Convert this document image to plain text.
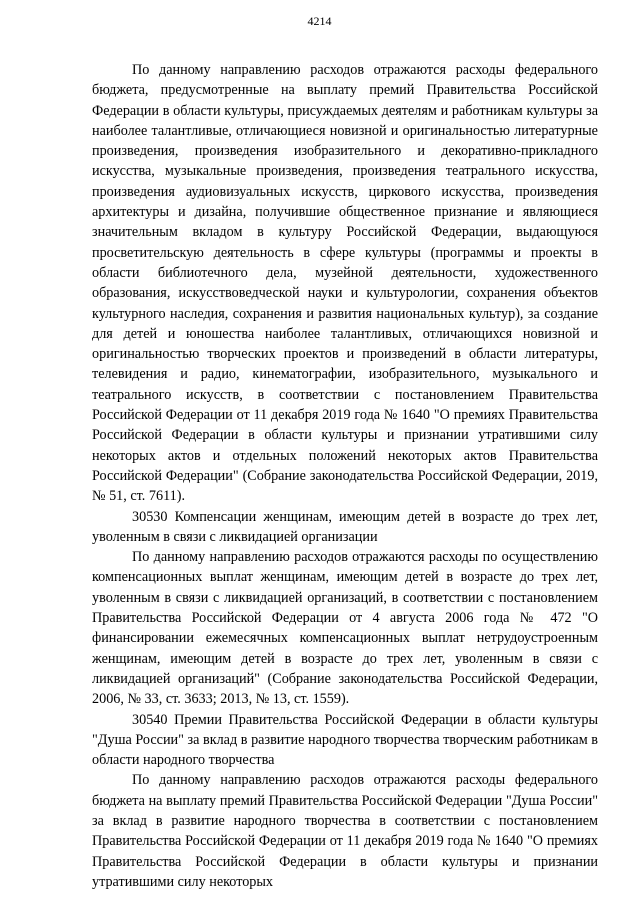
4214

По данному направлению расходов отражаются расходы федерального бюджета, предусмотренные на выплату премий Правительства Российской Федерации в области культуры, присуждаемых деятелям и работникам культуры за наиболее талантливые, отличающиеся новизной и оригинальностью литературные произведения, произведения изобразительного и декоративно-прикладного искусства, музыкальные произведения, произведения театрального искусства, произведения аудиовизуальных искусств, циркового искусства, произведения архитектуры и дизайна, получившие общественное признание и являющиеся значительным вкладом в культуру Российской Федерации, выдающуюся просветительскую деятельность в сфере культуры (программы и проекты в области библиотечного дела, музейной деятельности, художественного образования, искусствоведческой науки и культурологии, сохранения объектов культурного наследия, сохранения и развития национальных культур), за создание для детей и юношества наиболее талантливых, отличающихся новизной и оригинальностью творческих проектов и произведений в области литературы, телевидения и радио, кинематографии, изобразительного, музыкального и театрального искусств, в соответствии с постановлением Правительства Российской Федерации от 11 декабря 2019 года № 1640 "О премиях Правительства Российской Федерации в области культуры и признании утратившими силу некоторых актов и отдельных положений некоторых актов Правительства Российской Федерации" (Собрание законодательства Российской Федерации, 2019, № 51, ст. 7611).

30530 Компенсации женщинам, имеющим детей в возрасте до трех лет, уволенным в связи с ликвидацией организации

По данному направлению расходов отражаются расходы по осуществлению компенсационных выплат женщинам, имеющим детей в возрасте до трех лет, уволенным в связи с ликвидацией организаций, в соответствии с постановлением Правительства Российской Федерации от 4 августа 2006 года № 472 "О финансировании ежемесячных компенсационных выплат нетрудоустроенным женщинам, имеющим детей в возрасте до трех лет, уволенным в связи с ликвидацией организаций" (Собрание законодательства Российской Федерации, 2006, № 33, ст. 3633; 2013, № 13, ст. 1559).

30540 Премии Правительства Российской Федерации в области культуры "Душа России" за вклад в развитие народного творчества творческим работникам в области народного творчества

По данному направлению расходов отражаются расходы федерального бюджета на выплату премий Правительства Российской Федерации "Душа России" за вклад в развитие народного творчества в соответствии с постановлением Правительства Российской Федерации от 11 декабря 2019 года № 1640 "О премиях Правительства Российской Федерации в области культуры и признании утратившими силу некоторых
